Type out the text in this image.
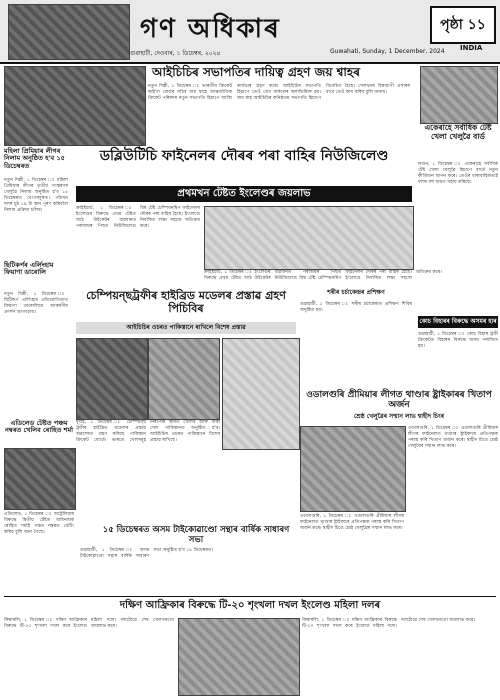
গণ অধিকাৰ
গুৱাহাটী, দেওবাৰ, ১ ডিচেম্বৰ, ২০২৪	Guwahati, Sunday, 1 December, 2024
পৃষ্ঠা ১১
INDIA
আইচিচিৰ সভাপতিৰ দায়িত্ব গ্ৰহণ জয় শ্বাহৰ
নতুন দিল্লী, ১ ডিচেম্বৰ ঃ ভাৰতীয় ক্ৰিকেট কন্ট্ৰ'ল বোৰ্ডৰ সচিব জয় শ্বাহে আন্তৰ্জাতিক ক্ৰিকেট পৰিষদৰ নতুন সভাপতি হিচাপে আজি কাৰ্যভাৰ গ্ৰহণ কৰে। আইচিচিৰ সভাপতি হিচাপে তেওঁ গ্ৰেগ বাৰ্কলেৰ স্থলাভিষিক্ত হয়। জয় শ্বাহ আইচিচিৰ কনিষ্ঠতম সভাপতি হিচাপে বিবেচিত হৈছে। খেলখনৰ বিশ্বব্যাপী প্ৰসাৰৰ বাবে তেওঁ কাম কৰিব বুলি জনায়।
মহিলা প্ৰিমিয়াৰ লীগৰ নিলাম অনুষ্ঠিত হ'ব ১৫ ডিচেম্বৰত
নতুন দিল্লী, ১ ডিচেম্বৰ ঃ মহিলা প্ৰিমিয়াৰ লীগৰ তৃতীয় সংস্কৰণৰ খেলুৱৈ নিলাম অনুষ্ঠিত হ'ব ১৫ ডিচেম্বৰত বেংগালুৰুত। পাঁচখন দলৰ মুঠ ১৯ টা স্থান পূৰণ কৰিবলৈ নিলাম প্ৰক্ৰিয়া চলিব।
ডব্লিউটিচি ফাইনেলৰ দৌৰৰ পৰা বাহিৰ নিউজিলেণ্ড
প্ৰথমখন টেষ্টত ইংলেণ্ডৰ জয়লাভ
ক্ৰাইষ্টচাৰ্চ, ১ ডিচেম্বৰ ঃ ইংলেণ্ডৰ বিৰুদ্ধে প্ৰথম টেষ্টত আঠ উইকেটৰ ব্যৱধানত পৰাজয়ৰ পিছত নিউজিলেণ্ড বিশ্ব টেষ্ট চেম্পিয়নশ্বিপ ফাইনেলৰ দৌৰৰ পৰা বাহিৰ হৈছে। ইংলেণ্ডে নিৰ্ধাৰিত লক্ষ্য সহজে অতিক্ৰম কৰে।
ক্ৰাইষ্টচাৰ্চ, ১ ডিচেম্বৰ ঃ ইংলেণ্ডৰ বিৰুদ্ধে প্ৰথম টেষ্টত আঠ উইকেটৰ ব্যৱধানত পৰাজয়ৰ পিছত নিউজিলেণ্ড বিশ্ব টেষ্ট চেম্পিয়নশ্বিপ ফাইনেলৰ দৌৰৰ পৰা বাহিৰ হৈছে। ইংলেণ্ডে নিৰ্ধাৰিত লক্ষ্য সহজে অতিক্ৰম কৰে।
একেৰাহে সৰ্বাধিক টেষ্ট খেলা খেলুৱৈ বাৰ্ড
লণ্ডন, ১ ডিচেম্বৰ ঃ একেৰাহে সৰ্বাধিক টেষ্ট খেলা খেলুৱৈ হিচাপে বাৰ্ডে নতুন কীৰ্তিমান স্থাপন কৰে। তেওঁৰ ধাৰাবাহিকতাই দলক বহু জয়ত সহায় কৰিছে।
ছিটিকৰ্পৰ এৰ্লিংহাম ফিয়াণা ডাৰোলি
নতুন দিল্লী, ১ ডিচেম্বৰ ঃ ছিটিকৰ্প এৰ্লিংহাম প্ৰতিযোগিতাত ফিয়াণা ডাৰোলিয়ে আকৰ্ষণীয় প্ৰদৰ্শন আগবঢ়ায়।
চেম্পিয়ন্ছট্ৰফীৰ হাইব্ৰিড মডেলৰ প্ৰস্তাৱ গ্ৰহণ পিচিবিৰ
আইচিচিৰ ওচৰত পাকিস্তানে ৰাখিলে বিশেষ প্ৰস্তাৱ
দুবাই, ১ ডিচেম্বৰ ঃ চেম্পিয়ন্ছ ট্ৰফীৰ হাইব্ৰিড মডেলৰ প্ৰস্তাৱ অৱশেষত গ্ৰহণ কৰিছে পাকিস্তান ক্ৰিকেট বোৰ্ডে। ভাৰতে খেলসমূহ নিৰপেক্ষ স্থানত খেলিব আৰু বাকী খেল পাকিস্তানত অনুষ্ঠিত হ'ব। আইচিচিৰ ওচৰত পাকিস্তানে বিশেষ প্ৰস্তাৱ ৰাখিছে।
শৰীৰ চৰ্চাকেন্দ্ৰৰ প্ৰশিক্ষণ
গুৱাহাটী, ১ ডিচেম্বৰ ঃ শৰীৰ চৰ্চাকেন্দ্ৰত প্ৰশিক্ষণ শিবিৰ অনুষ্ঠিত হয়।
কোচ বিহাৰৰ বিৰুদ্ধে অসমৰ হাৰ
গুৱাহাটী, ১ ডিচেম্বৰ ঃ কোচ বিহাৰ ট্ৰফী ক্ৰিকেটত বিহাৰৰ বিৰুদ্ধে অসম পৰাজিত হয়।
ওডালগুৰি প্ৰীমিয়াৰ লীগত থাণ্ডাৰ ষ্ট্ৰাইকাৰৰ খিতাপ অৰ্জন
শ্ৰেষ্ঠ খেলুৱৈৰ সন্মান লাভ শ্বাহীদ চিংৰ
ওডালগুৰি, ১ ডিচেম্বৰ ঃ ওডালগুৰি প্ৰীমিয়াৰ লীগৰ ফাইনেলত থাণ্ডাৰ ষ্ট্ৰাইকাৰে প্ৰতিপক্ষক পৰাস্ত কৰি খিতাপ অৰ্জন কৰে। শ্বাহীদ চিঙে শ্ৰেষ্ঠ খেলুৱৈৰ সন্মান লাভ কৰে।
এডিলেড টেষ্টত পঞ্চম নম্বৰত খেলিব ৰোহিত শৰ্মা
এডিলেড, ১ ডিচেম্বৰ ঃ অষ্ট্ৰেলিয়াৰ বিৰুদ্ধে দ্বিতীয় টেষ্টত অধিনায়ক ৰোহিত শৰ্মাই পঞ্চম নম্বৰত বেটিং কৰিব বুলি জনা গৈছে।	১৫ ডিচেম্বৰত অসম টাইকোৱাণ্ডো সন্থাৰ বাৰ্ষিক সাধাৰণ সভা
গুৱাহাটী, ১ ডিচেম্বৰ ঃ অসম টাইকোৱাণ্ডো সন্থাৰ বাৰ্ষিক সাধাৰণ সভা অনুষ্ঠিত হ'ব ১৫ ডিচেম্বৰত।
ওডালগুৰি, ১ ডিচেম্বৰ ঃ ওডালগুৰি প্ৰীমিয়াৰ লীগৰ ফাইনেলত থাণ্ডাৰ ষ্ট্ৰাইকাৰে প্ৰতিপক্ষক পৰাস্ত কৰি খিতাপ অৰ্জন কৰে। শ্বাহীদ চিঙে শ্ৰেষ্ঠ খেলুৱৈৰ সন্মান লাভ কৰে।
দক্ষিণ আফ্ৰিকাৰ বিৰুদ্ধে টি-২০ শৃংখলা দখল ইংলেণ্ড মহিলা দলৰ
কিম্বাৰলি, ১ ডিচেম্বৰ ঃ দক্ষিণ আফ্ৰিকাৰ বিৰুদ্ধে টি-২০ শৃংখলা দখল কৰে ইংলেণ্ড মহিলা দলে। দলটোৱে শেষ খেলখনতো জয়লাভ কৰে।
কিম্বাৰলি, ১ ডিচেম্বৰ ঃ দক্ষিণ আফ্ৰিকাৰ বিৰুদ্ধে টি-২০ শৃংখলা দখল কৰে ইংলেণ্ড মহিলা দলে। দলটোৱে শেষ খেলখনতো জয়লাভ কৰে।
